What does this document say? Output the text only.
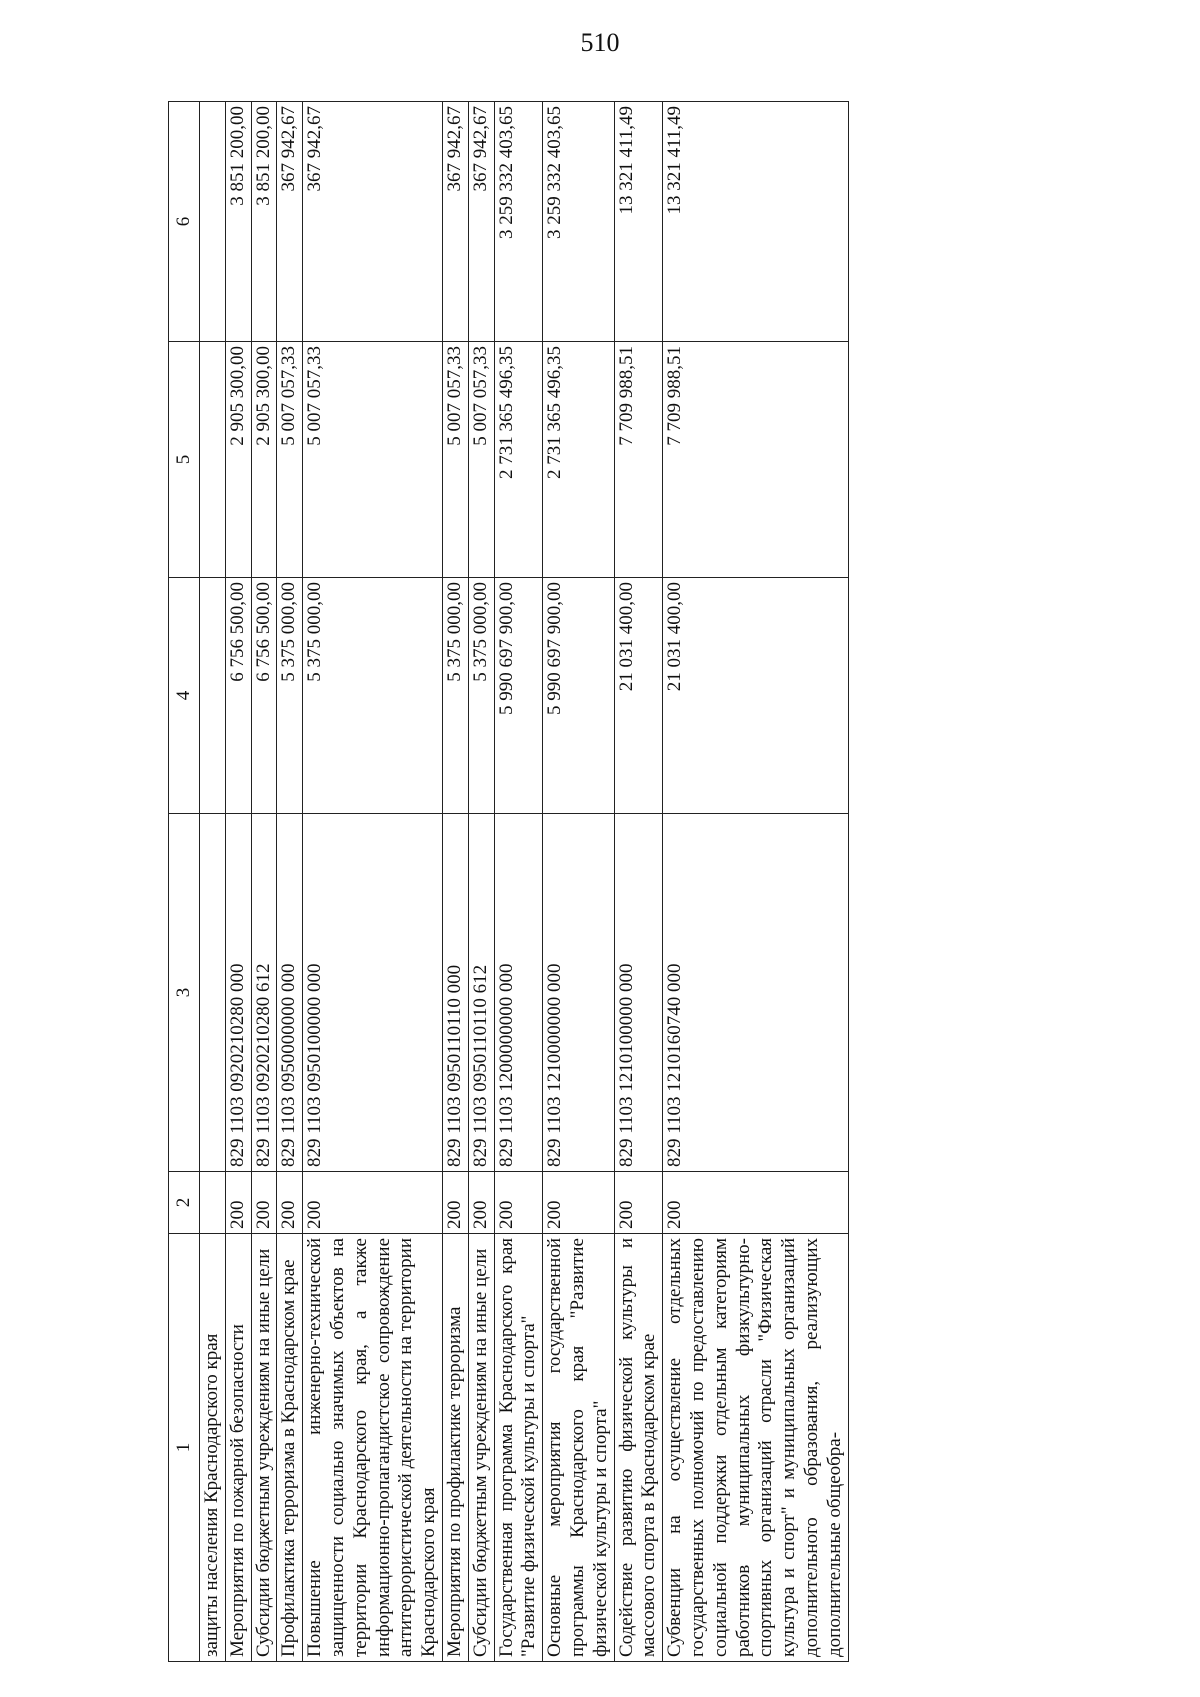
510
1	2	3	4	5	6
защиты населения Краснодарского края					
Мероприятия по пожарной безопасности	200	829 1103 0920210280 000	6 756 500,00	2 905 300,00	3 851 200,00
Субсидии бюджетным учреждениям на иные цели	200	829 1103 0920210280 612	6 756 500,00	2 905 300,00	3 851 200,00
Профилактика терроризма в Краснодарском крае	200	829 1103 0950000000 000	5 375 000,00	5 007 057,33	367 942,67
Повышение инженерно-технической защищенности социально значимых объектов на территории Краснодарского края, а также информационно-пропагандистское сопровождение антитеррористической деятельности на территории Краснодарского края	200	829 1103 0950100000 000	5 375 000,00	5 007 057,33	367 942,67
Мероприятия по профилактике терроризма	200	829 1103 0950110110 000	5 375 000,00	5 007 057,33	367 942,67
Субсидии бюджетным учреждениям на иные цели	200	829 1103 0950110110 612	5 375 000,00	5 007 057,33	367 942,67
Государственная программа Краснодарского края "Развитие физической культуры и спорта"	200	829 1103 1200000000 000	5 990 697 900,00	2 731 365 496,35	3 259 332 403,65
Основные мероприятия государственной программы Краснодарского края "Развитие физической культуры и спорта"	200	829 1103 1210000000 000	5 990 697 900,00	2 731 365 496,35	3 259 332 403,65
Содействие развитию физической культуры и массового спорта в Краснодарском крае	200	829 1103 1210100000 000	21 031 400,00	7 709 988,51	13 321 411,49
Субвенции на осуществление отдельных государственных полномочий по предоставлению социальной поддержки отдельным категориям работников муниципальных физкультурно-спортивных организаций отрасли "Физическая культура и спорт" и муниципальных организаций дополнительного образования, реализующих дополнительные общеобра-	200	829 1103 1210160740 000	21 031 400,00	7 709 988,51	13 321 411,49
